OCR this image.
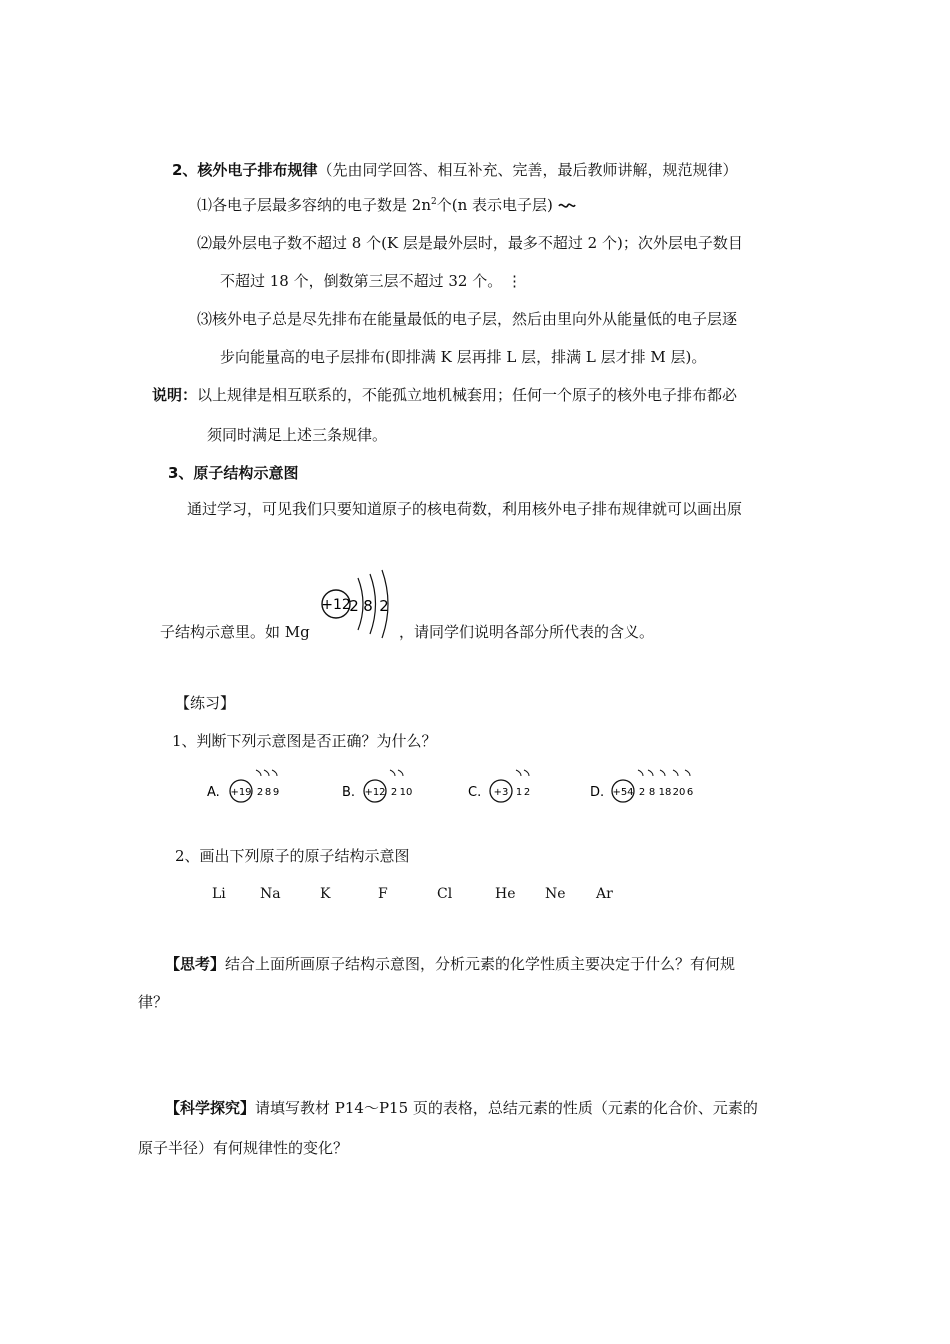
2、核外电子排布规律（先由同学回答、相互补充、完善，最后教师讲解，规范规律）
⑴各电子层最多容纳的电子数是 $2n^2$个(n 表示电子层)
⑵最外层电子数不超过 8 个(K 层是最外层时，最多不超过 2 个)；次外层电子数目
不超过 18 个，倒数第三层不超过 32 个。 ⋮
⑶核外电子总是尽先排布在能量最低的电子层，然后由里向外从能量低的电子层逐
步向能量高的电子层排布(即排满 K 层再排 L 层，排满 L 层才排 M 层)。
说明：以上规律是相互联系的，不能孤立地机械套用；任何一个原子的核外电子排布都必
须同时满足上述三条规律。
3、原子结构示意图
通过学习，可见我们只要知道原子的核电荷数，利用核外电子排布规律就可以画出原
子结构示意里。如 Mg
+12
2 8 2
，请同学们说明各部分所代表的含义。
【练习】
1、判断下列示意图是否正确？为什么？
A. +19 2 8 9	B. +12 2 10	C. +3 1 2	D. +54 2 8 18 20 6
2、画出下列原子的原子结构示意图
Li Na	K	F	Cl	He Ne Ar
【思考】结合上面所画原子结构示意图，分析元素的化学性质主要决定于什么？有何规
律？
【科学探究】请填写教材 P14～P15 页的表格，总结元素的性质（元素的化合价、元素的
原子半径）有何规律性的变化？
